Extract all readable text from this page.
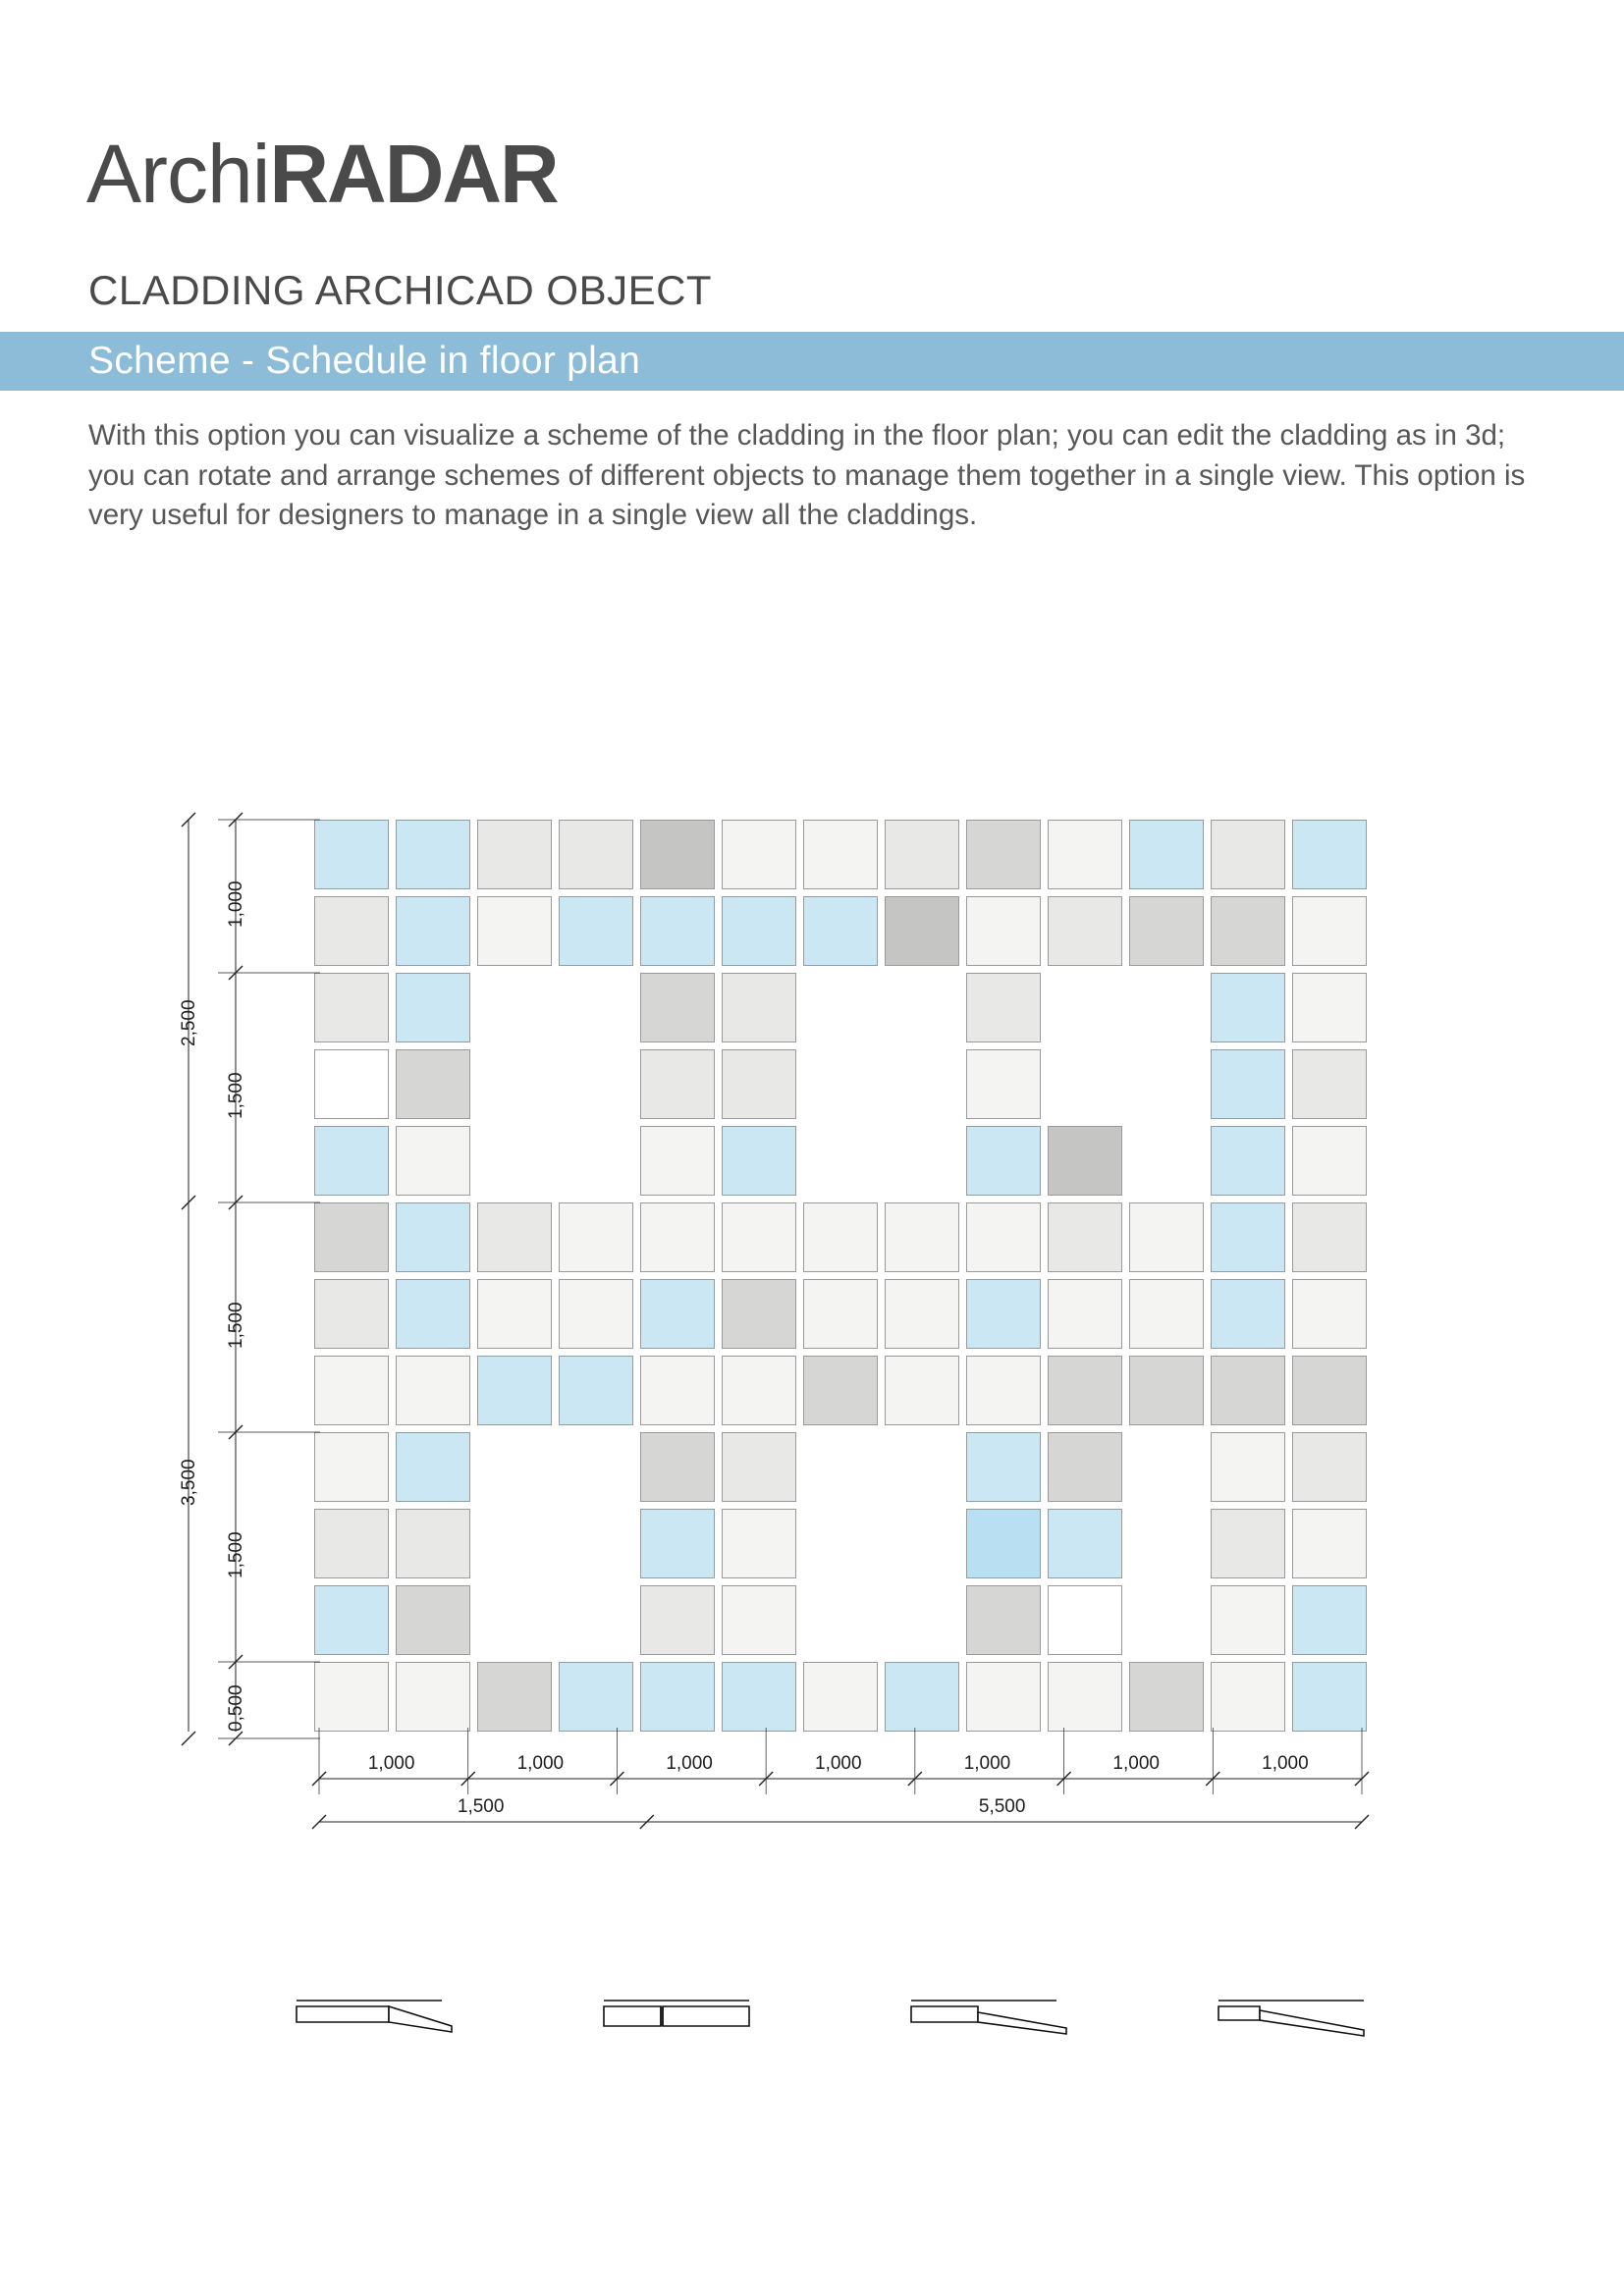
ArchiRADAR
CLADDING ARCHICAD OBJECT
Scheme - Schedule in floor plan
With this option you can visualize a scheme of the cladding in the floor plan; you can edit the cladding as in 3d; you can rotate and arrange schemes of different objects to manage them together in a single view. This option is very useful for designers to manage in a single view all the claddings.
1,000
1,500
1,500
1,500
0,500
2,500
3,500
1,000	1,000	1,000	1,000	1,000	1,000	1,000
1,500	5,500
